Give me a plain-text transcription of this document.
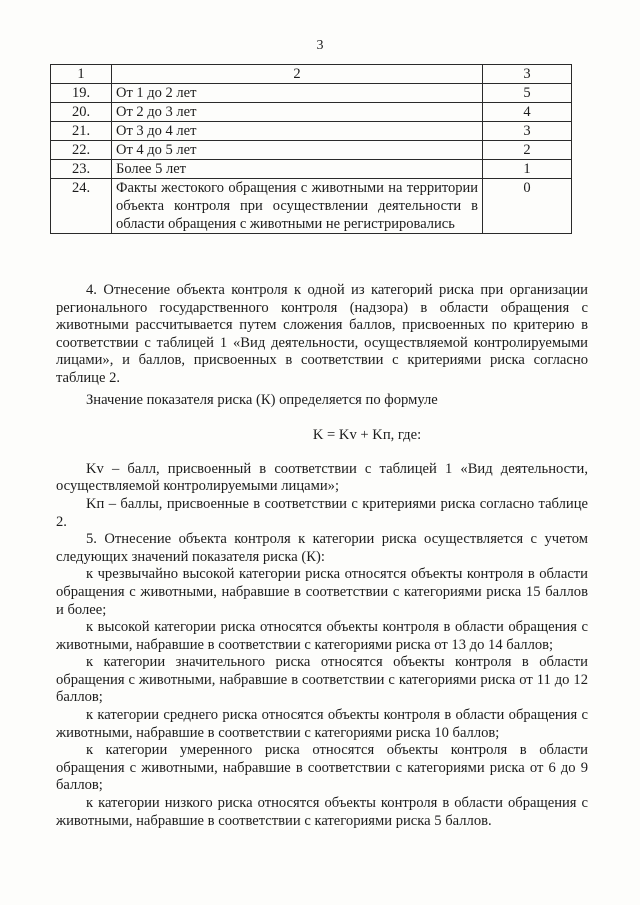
3
1	2	3
19.	От 1 до 2 лет	5
20.	От 2 до 3 лет	4
21.	От 3 до 4 лет	3
22.	От 4 до 5 лет	2
23.	Более 5 лет	1
24.	Факты жестокого обращения с животными на территории объекта контроля при осуществлении деятельности в области обращения с животными не регистрировались	0

4. Отнесение объекта контроля к одной из категорий риска при организации регионального государственного контроля (надзора) в области обращения с животными рассчитывается путем сложения баллов, присвоенных по критерию в соответствии с таблицей 1 «Вид деятельности, осуществляемой контролируемыми лицами», и баллов, присвоенных в соответствии с критериями риска согласно таблице 2.

Значение показателя риска (К) определяется по формуле

K = Kv + Kп, где:

Kv – балл, присвоенный в соответствии с таблицей 1 «Вид деятельности, осуществляемой контролируемыми лицами»;

Kп – баллы, присвоенные в соответствии с критериями риска согласно таблице 2.

5. Отнесение объекта контроля к категории риска осуществляется с учетом следующих значений показателя риска (К):

к чрезвычайно высокой категории риска относятся объекты контроля в области обращения с животными, набравшие в соответствии с категориями риска 15 баллов и более;

к высокой категории риска относятся объекты контроля в области обращения с животными, набравшие в соответствии с категориями риска от 13 до 14 баллов;

к категории значительного риска относятся объекты контроля в области обращения с животными, набравшие в соответствии с категориями риска от 11 до 12 баллов;

к категории среднего риска относятся объекты контроля в области обращения с животными, набравшие в соответствии с категориями риска 10 баллов;

к категории умеренного риска относятся объекты контроля в области обращения с животными, набравшие в соответствии с категориями риска от 6 до 9 баллов;

к категории низкого риска относятся объекты контроля в области обращения с животными, набравшие в соответствии с категориями риска 5 баллов.
